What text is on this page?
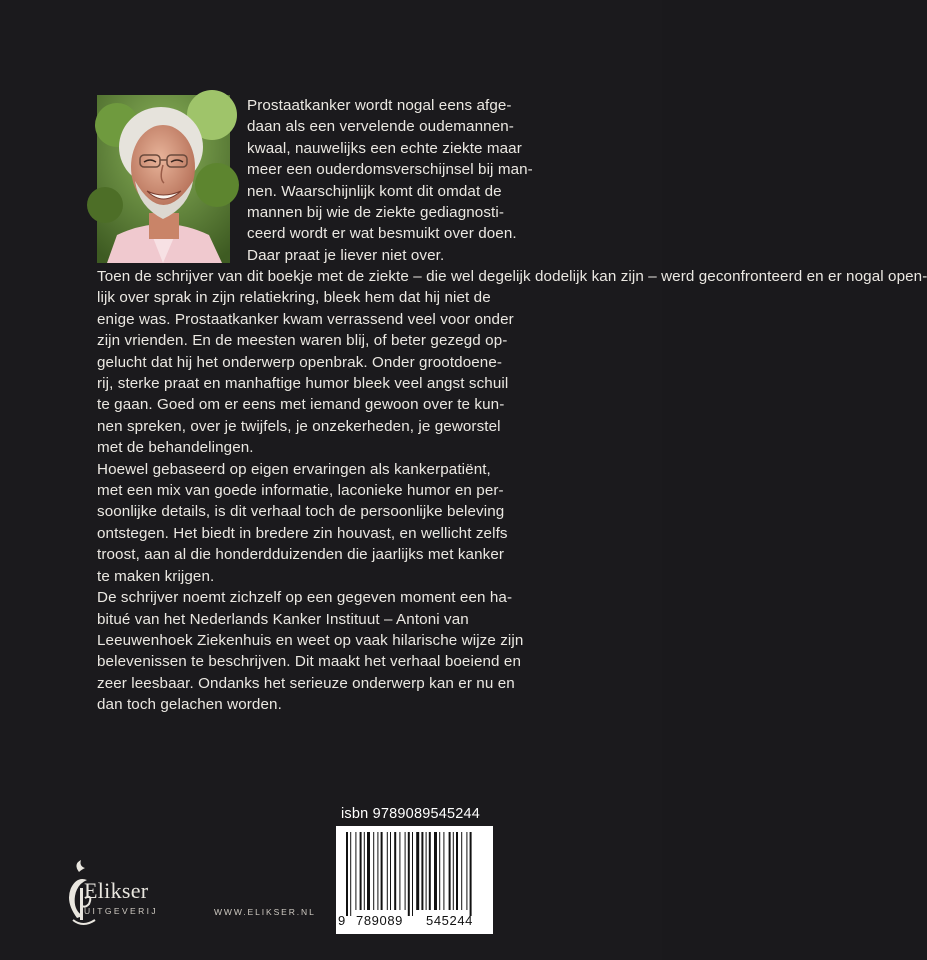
Prostaatkanker wordt nogal eens afge-
daan als een vervelende oudemannen-
kwaal, nauwelijks een echte ziekte maar
meer een ouderdomsverschijnsel bij man-
nen. Waarschijnlijk komt dit omdat de
mannen bij wie de ziekte gediagnosti-
ceerd wordt er wat besmuikt over doen.
Daar praat je liever niet over.
Toen de schrijver van dit boekje met de ziekte – die wel degelijk dodelijk kan zijn – werd geconfronteerd en er nogal open-
lijk over sprak in zijn relatiekring, bleek hem dat hij niet de
enige was. Prostaatkanker kwam verrassend veel voor onder
zijn vrienden. En de meesten waren blij, of beter gezegd op-
gelucht dat hij het onderwerp openbrak. Onder grootdoene-
rij, sterke praat en manhaftige humor bleek veel angst schuil
te gaan. Goed om er eens met iemand gewoon over te kun-
nen spreken, over je twijfels, je onzekerheden, je geworstel
met de behandelingen.
Hoewel gebaseerd op eigen ervaringen als kankerpatiënt,
met een mix van goede informatie, laconieke humor en per-
soonlijke details, is dit verhaal toch de persoonlijke beleving
ontstegen. Het biedt in bredere zin houvast, en wellicht zelfs
troost, aan al die honderdduizenden die jaarlijks met kanker
te maken krijgen.
De schrijver noemt zichzelf op een gegeven moment een ha-
bitué van het Nederlands Kanker Instituut – Antoni van
Leeuwenhoek Ziekenhuis en weet op vaak hilarische wijze zijn
belevenissen te beschrijven. Dit maakt het verhaal boeiend en
zeer leesbaar. Ondanks het serieuze onderwerp kan er nu en
dan toch gelachen worden.
Elikser
UITGEVERIJ	WWW.ELIKSER.NL
isbn 9789089545244
9 789089 545244
